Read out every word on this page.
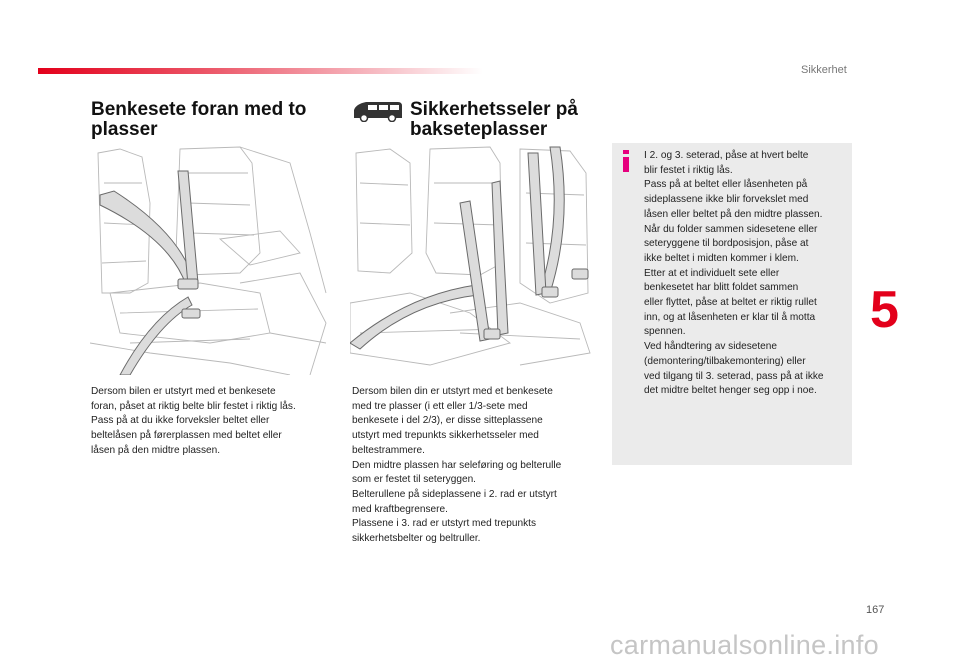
Sikkerhet
Benkesete foran med to plasser
Dersom bilen er utstyrt med et benkesete
foran, påset at riktig belte blir festet i riktig lås.
Pass på at du ikke forveksler beltet eller
beltelåsen på førerplassen med beltet eller
låsen på den midtre plassen.
Sikkerhetsseler på bakseteplasser
Dersom bilen din er utstyrt med et benkesete
med tre plasser (i ett eller 1/3-sete med
benkesete i del 2/3), er disse sitteplassene
utstyrt med trepunkts sikkerhetsseler med
beltestrammere.
Den midtre plassen har seleføring og belterulle
som er festet til seteryggen.
Belterullene på sideplassene i 2. rad er utstyrt
med kraftbegrensere.
Plassene i 3. rad er utstyrt med trepunkts
sikkerhetsbelter og beltruller.
I 2. og 3. seterad, påse at hvert belte
blir festet i riktig lås.
Pass på at beltet eller låsenheten på
sideplassene ikke blir forvekslet med
låsen eller beltet på den midtre plassen.
Når du folder sammen sidesetene eller
seteryggene til bordposisjon, påse at
ikke beltet i midten kommer i klem.
Etter at et individuelt sete eller
benkesetet har blitt foldet sammen
eller flyttet, påse at beltet er riktig rullet
inn, og at låsenheten er klar til å motta
spennen.
Ved håndtering av sidesetene
(demontering/tilbakemontering) eller
ved tilgang til 3. seterad, pass på at ikke
det midtre beltet henger seg opp i noe.
5
167
carmanualsonline.info
